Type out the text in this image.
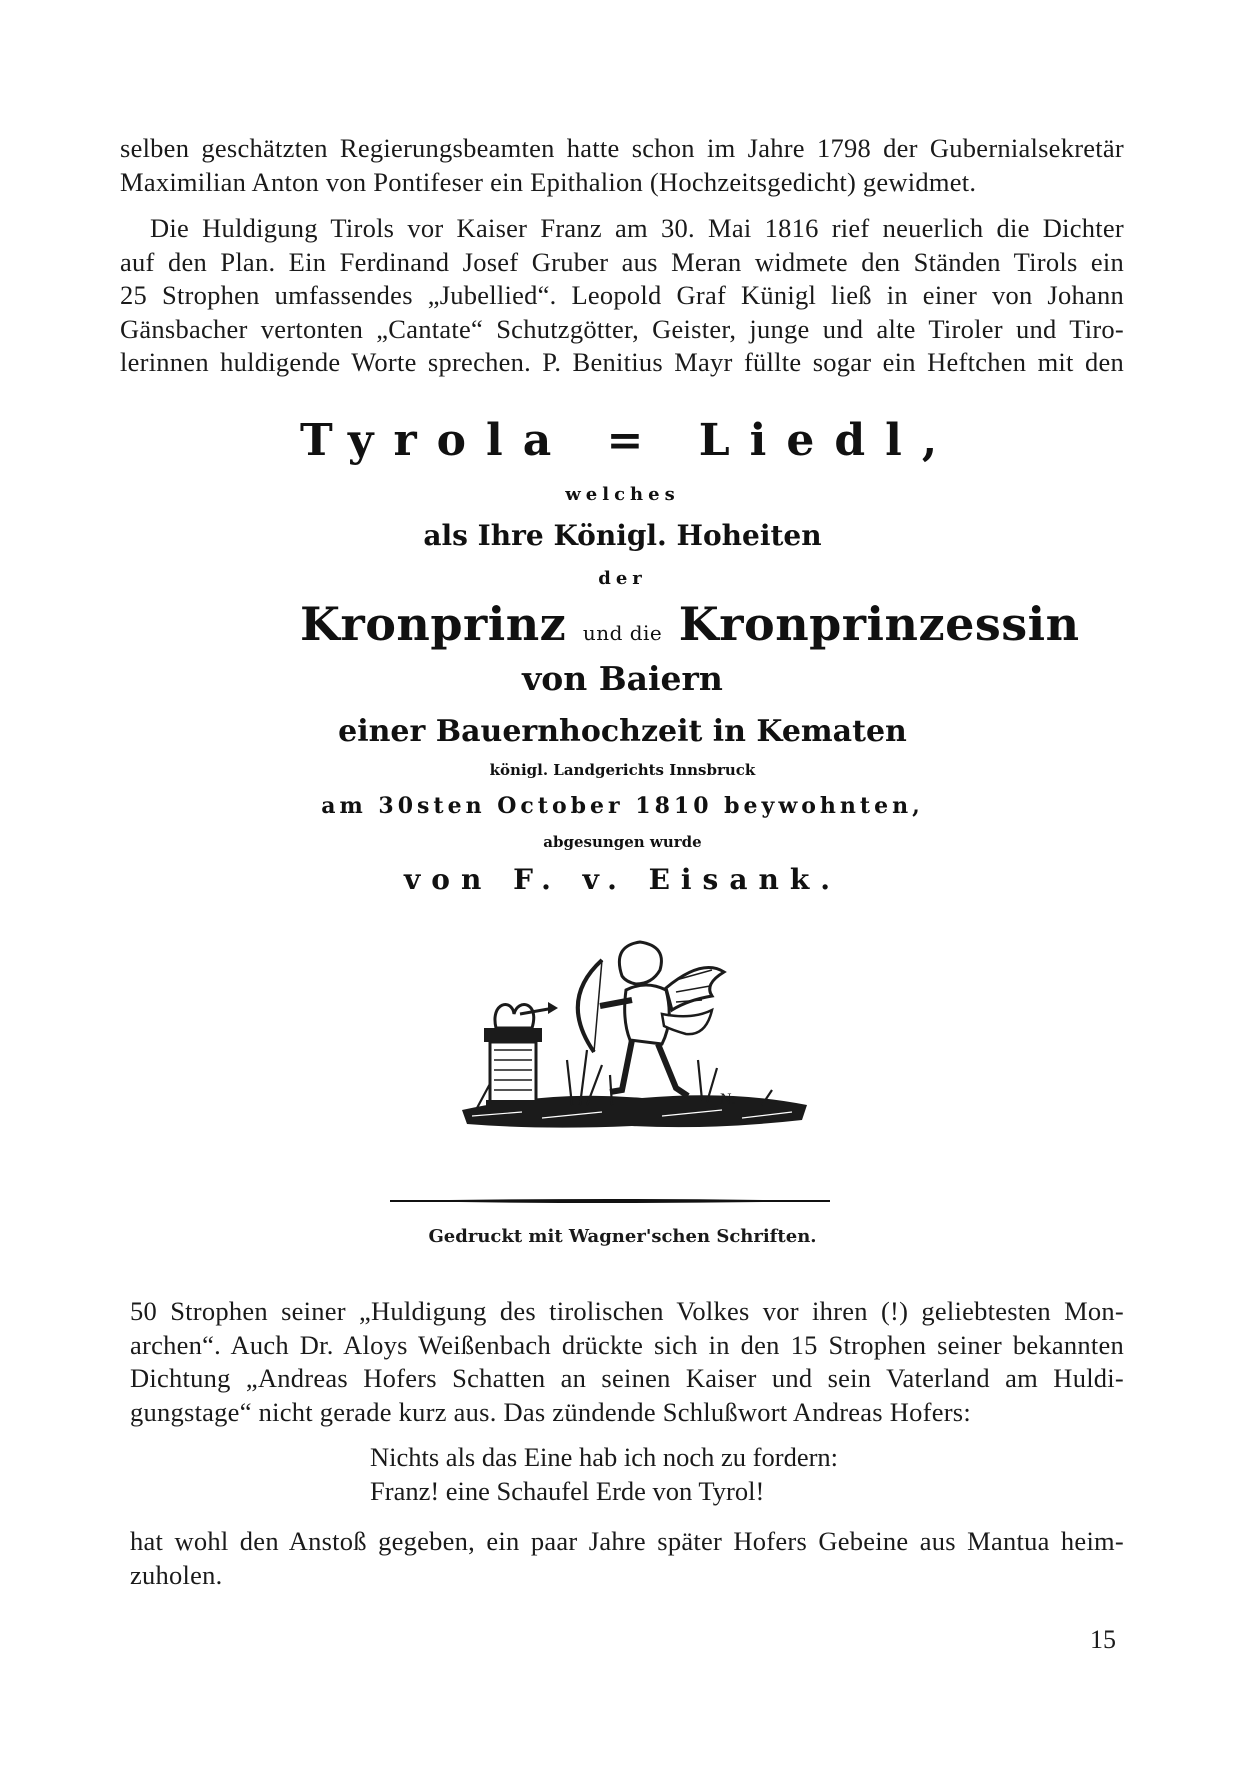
selben geschätzten Regierungsbeamten hatte schon im Jahre 1798 der Gubernialsekretär
Maximilian Anton von Pontifeser ein Epithalion (Hochzeitsgedicht) gewidmet.

Die Huldigung Tirols vor Kaiser Franz am 30. Mai 1816 rief neuerlich die Dichter
auf den Plan. Ein Ferdinand Josef Gruber aus Meran widmete den Ständen Tirols ein
25 Strophen umfassendes „Jubellied“. Leopold Graf Künigl ließ in einer von Johann
Gänsbacher vertonten „Cantate“ Schutzgötter, Geister, junge und alte Tiroler und Tiro-
lerinnen huldigende Worte sprechen. P. Benitius Mayr füllte sogar ein Heftchen mit den

Tyrola = Liedl,
welches
als Ihre Königl. Hoheiten
der
Kronprinz und die Kronprinzessin
von Baiern
einer Bauernhochzeit in Kematen
königl. Landgerichts Innsbruck
am 30sten October 1810 beywohnten,
abgesungen wurde
von F. v. Eisank.
N.
Gedruckt mit Wagner'schen Schriften.

50 Strophen seiner „Huldigung des tirolischen Volkes vor ihren (!) geliebtesten Mon-
archen“. Auch Dr. Aloys Weißenbach drückte sich in den 15 Strophen seiner bekannten
Dichtung „Andreas Hofers Schatten an seinen Kaiser und sein Vaterland am Huldi-
gungstage“ nicht gerade kurz aus. Das zündende Schlußwort Andreas Hofers:

Nichts als das Eine hab ich noch zu fordern:
Franz! eine Schaufel Erde von Tyrol!

hat wohl den Anstoß gegeben, ein paar Jahre später Hofers Gebeine aus Mantua heim-
zuholen.

15
